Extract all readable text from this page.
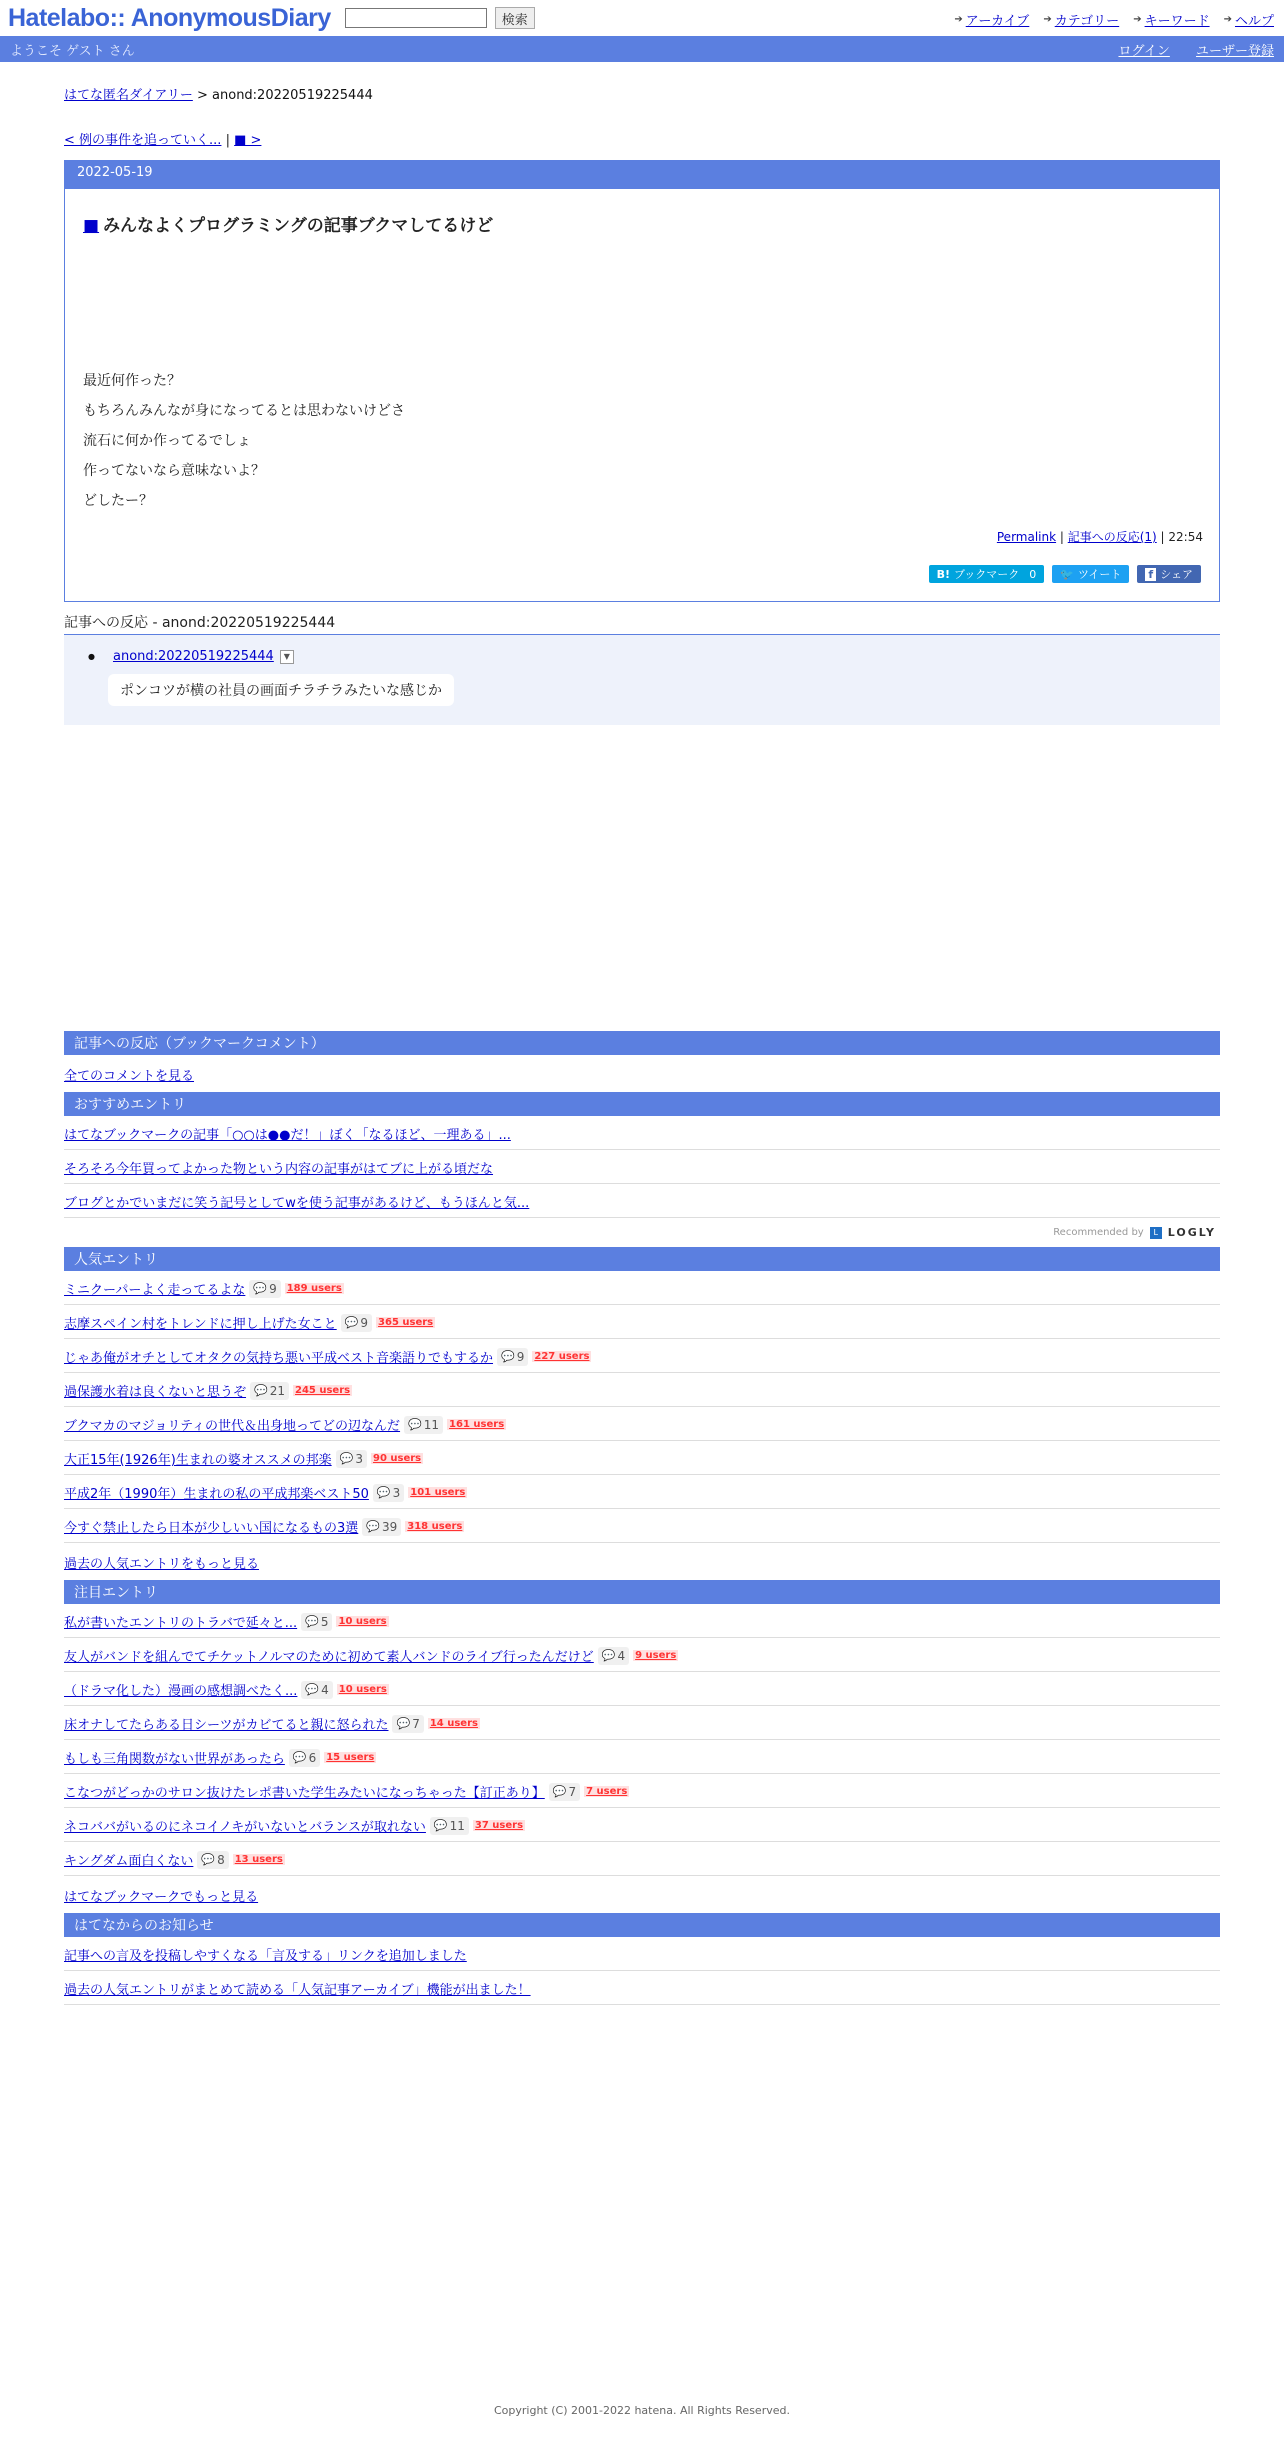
Hatelabo:: AnonymousDiary	検索	➔ アーカイブ ➔ カテゴリー ➔ キーワード ➔ ヘルプ
ようこそ ゲスト さん	ログイン ユーザー登録
はてな匿名ダイアリー > anond:20220519225444
< 例の事件を追っていく... | ■ >
2022-05-19
■ みんなよくプログラミングの記事ブクマしてるけど
最近何作った？
もちろんみんなが身になってるとは思わないけどさ
流石に何か作ってるでしょ
作ってないなら意味ないよ？
どしたー？
Permalink | 記事への反応(1) | 22:54
B! ブックマーク 0 🐦 ツイート f シェア
記事への反応 - anond:20220519225444
● anond:20220519225444	▼
ポンコツが横の社員の画面チラチラみたいな感じか
記事への反応（ブックマークコメント）
全てのコメントを見る
おすすめエントリ
はてなブックマークの記事「○○は●●だ！」ぼく「なるほど、一理ある」...
そろそろ今年買ってよかった物という内容の記事がはてブに上がる頃だな
ブログとかでいまだに笑う記号としてwを使う記事があるけど、もうほんと気...
Recommended by	L LOGLY
人気エントリ
ミニクーパーよく走ってるよな 💬 9 189 users
志摩スペイン村をトレンドに押し上げた女こと 💬 9 365 users
じゃあ俺がオチとしてオタクの気持ち悪い平成ベスト音楽語りでもするか 💬 9 227 users
過保護水着は良くないと思うぞ 💬 21 245 users
ブクマカのマジョリティの世代＆出身地ってどの辺なんだ 💬 11 161 users
大正15年(1926年)生まれの婆オススメの邦楽 💬 3 90 users
平成2年（1990年）生まれの私の平成邦楽ベスト50 💬 3 101 users
今すぐ禁止したら日本が少しいい国になるもの3選 💬 39 318 users
過去の人気エントリをもっと見る
注目エントリ
私が書いたエントリのトラバで延々と... 💬 5 10 users
友人がバンドを組んでてチケットノルマのために初めて素人バンドのライブ行ったんだけど 💬 4 9 users
（ドラマ化した）漫画の感想調べたく... 💬 4 10 users
床オナしてたらある日シーツがカビてると親に怒られた 💬 7 14 users
もしも三角関数がない世界があったら 💬 6 15 users
こなつがどっかのサロン抜けたレポ書いた学生みたいになっちゃった【訂正あり】 💬 7 7 users
ネコババがいるのにネコイノキがいないとバランスが取れない 💬 11 37 users
キングダム面白くない 💬 8 13 users
はてなブックマークでもっと見る
はてなからのお知らせ
記事への言及を投稿しやすくなる「言及する」リンクを追加しました
過去の人気エントリがまとめて読める「人気記事アーカイブ」機能が出ました！
Copyright (C) 2001-2022 hatena. All Rights Reserved.
